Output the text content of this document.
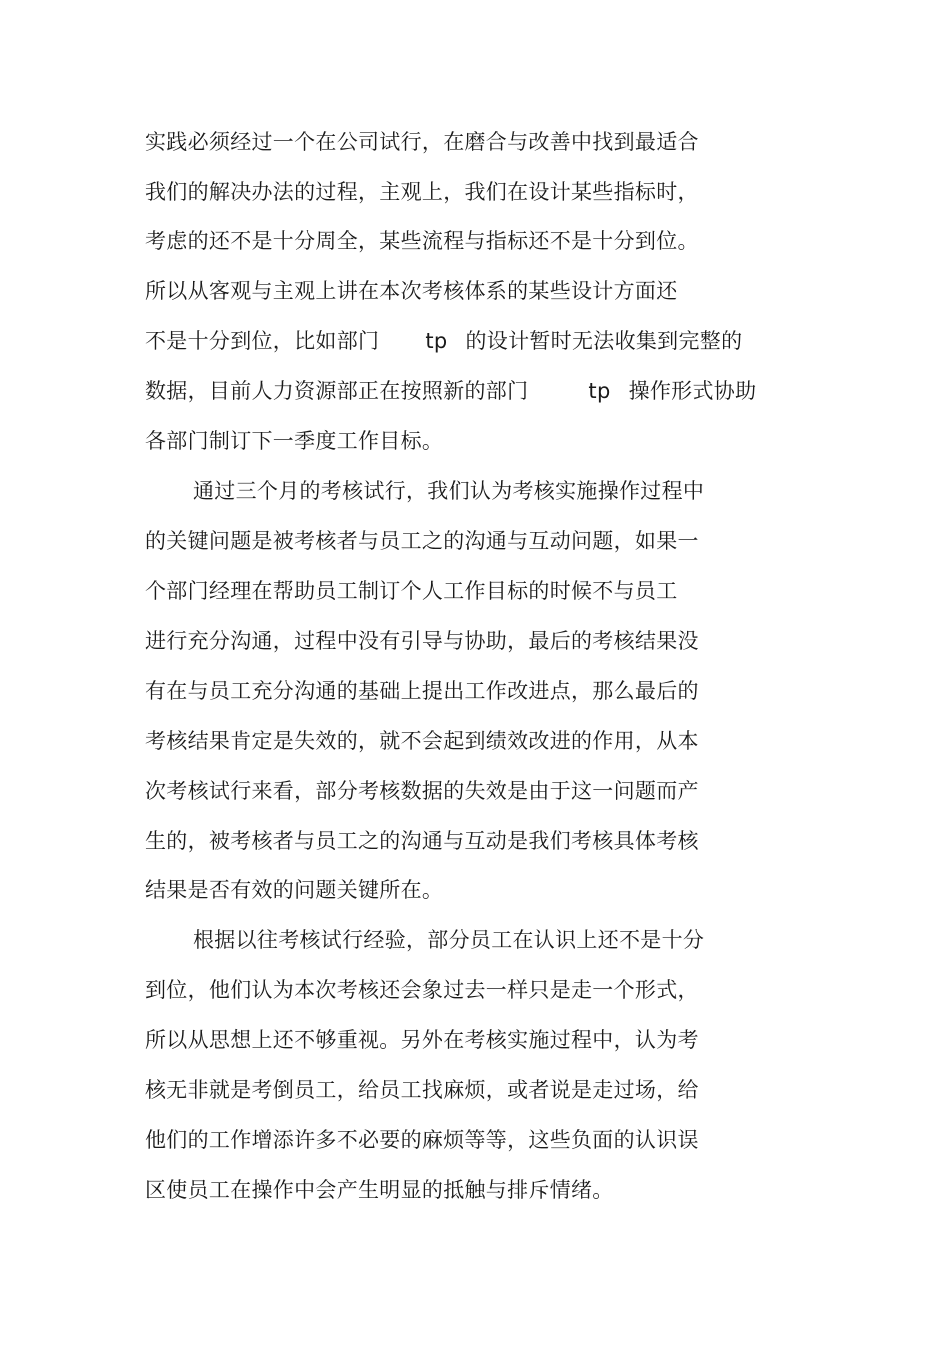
实践必须经过一个在公司试行，在磨合与改善中找到最适合
我们的解决办法的过程，主观上，我们在设计某些指标时，
考虑的还不是十分周全，某些流程与指标还不是十分到位。
所以从客观与主观上讲在本次考核体系的某些设计方面还
不是十分到位，比如部门 tp 的设计暂时无法收集到完整的
数据，目前人力资源部正在按照新的部门	tp 操作形式协助
各部门制订下一季度工作目标。
通过三个月的考核试行，我们认为考核实施操作过程中
的关键问题是被考核者与员工之的沟通与互动问题，如果一
个部门经理在帮助员工制订个人工作目标的时候不与员工
进行充分沟通，过程中没有引导与协助，最后的考核结果没
有在与员工充分沟通的基础上提出工作改进点，那么最后的
考核结果肯定是失效的，就不会起到绩效改进的作用，从本
次考核试行来看，部分考核数据的失效是由于这一问题而产
生的，被考核者与员工之的沟通与互动是我们考核具体考核
结果是否有效的问题关键所在。
根据以往考核试行经验，部分员工在认识上还不是十分
到位，他们认为本次考核还会象过去一样只是走一个形式，
所以从思想上还不够重视。另外在考核实施过程中，认为考
核无非就是考倒员工，给员工找麻烦，或者说是走过场，给
他们的工作增添许多不必要的麻烦等等，这些负面的认识误
区使员工在操作中会产生明显的抵触与排斥情绪。
